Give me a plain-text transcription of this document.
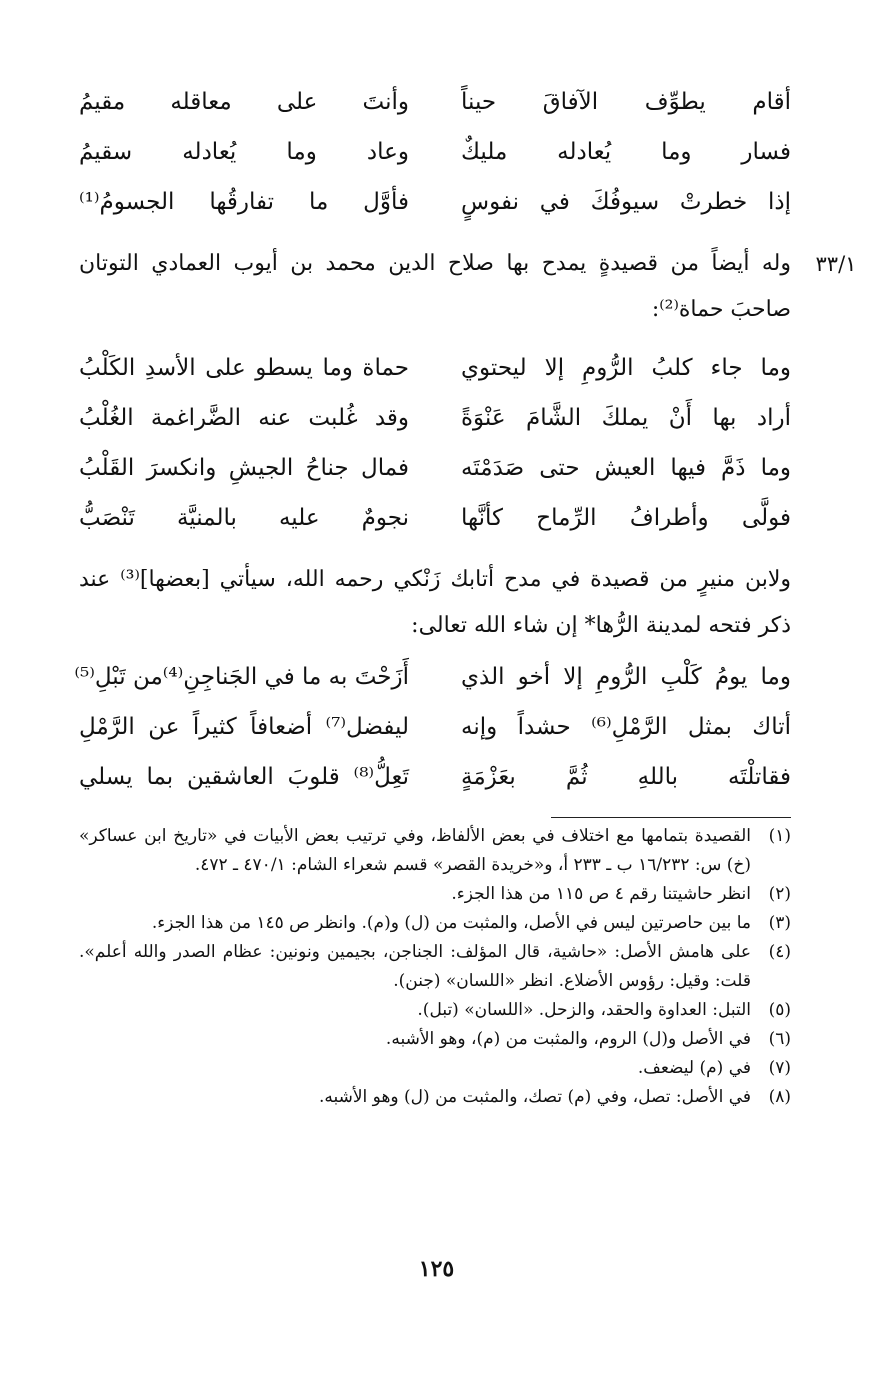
أقام يطوِّف الآفاقَ حيناً
وأنتَ على معاقله مقيمُ
فسار وما يُعادله مليكٌ
وعاد وما يُعادله سقيمُ
إذا خطرتْ سيوفُكَ في نفوسٍ
فأوَّل ما تفارقُها الجسومُ⁽¹⁾
٣٣/١

وله أيضاً من قصيدةٍ يمدح بها صلاح الدين محمد بن أيوب العمادي التوتان صاحبَ حماة⁽²⁾:

وما جاء كلبُ الرُّومِ إلا ليحتوي
حماة وما يسطو على الأسدِ الكَلْبُ
أراد بها أَنْ يملكَ الشَّامَ عَنْوَةً
وقد غُلبت عنه الضَّراغمة الغُلْبُ
وما ذَمَّ فيها العيش حتى صَدَمْتَه
فمال جناحُ الجيشِ وانكسرَ القَلْبُ
فولَّى وأطرافُ الرِّماح كأنَّها
نجومٌ عليه بالمنيَّة تَنْصَبُّ

ولابن منيرٍ من قصيدة في مدح أتابك زَنْكي رحمه الله، سيأتي [بعضها]⁽³⁾ عند ذكر فتحه لمدينة الرُّها* إن شاء الله تعالى:

وما يومُ كَلْبِ الرُّومِ إلا أخو الذي
أَزَحْتَ به ما في الجَناجِنِ⁽⁴⁾من تَبْلِ⁽⁵⁾
أتاك بمثل الرَّمْلِ⁽⁶⁾ حشداً وإنه
ليفضل⁽⁷⁾ أضعافاً كثيراً عن الرَّمْلِ
فقاتلْتَه باللهِ ثُمَّ بعَزْمَةٍ
تَعِلُّ⁽⁸⁾ قلوبَ العاشقين بما يسلي
(١)
القصيدة بتمامها مع اختلاف في بعض الألفاظ، وفي ترتيب بعض الأبيات في «تاريخ ابن عساكر» (خ) س: ١٦/٢٣٢ ب ـ ٢٣٣ أ، و«خريدة القصر» قسم شعراء الشام: ٤٧٠/١ ـ ٤٧٢.
(٢)
انظر حاشيتنا رقم ٤ ص ١١٥ من هذا الجزء.
(٣)
ما بين حاصرتين ليس في الأصل، والمثبت من (ل) و(م). وانظر ص ١٤٥ من هذا الجزء.
(٤)
على هامش الأصل: «حاشية، قال المؤلف: الجناجن، بجيمين ونونين: عظام الصدر والله أعلم». قلت: وقيل: رؤوس الأضلاع. انظر «اللسان» (جنن).
(٥)
التبل: العداوة والحقد، والزحل. «اللسان» (تبل).
(٦)
في الأصل و(ل) الروم، والمثبت من (م)، وهو الأشبه.
(٧)
في (م) ليضعف.
(٨)
في الأصل: تصل، وفي (م) تصك، والمثبت من (ل) وهو الأشبه.
١٢٥
